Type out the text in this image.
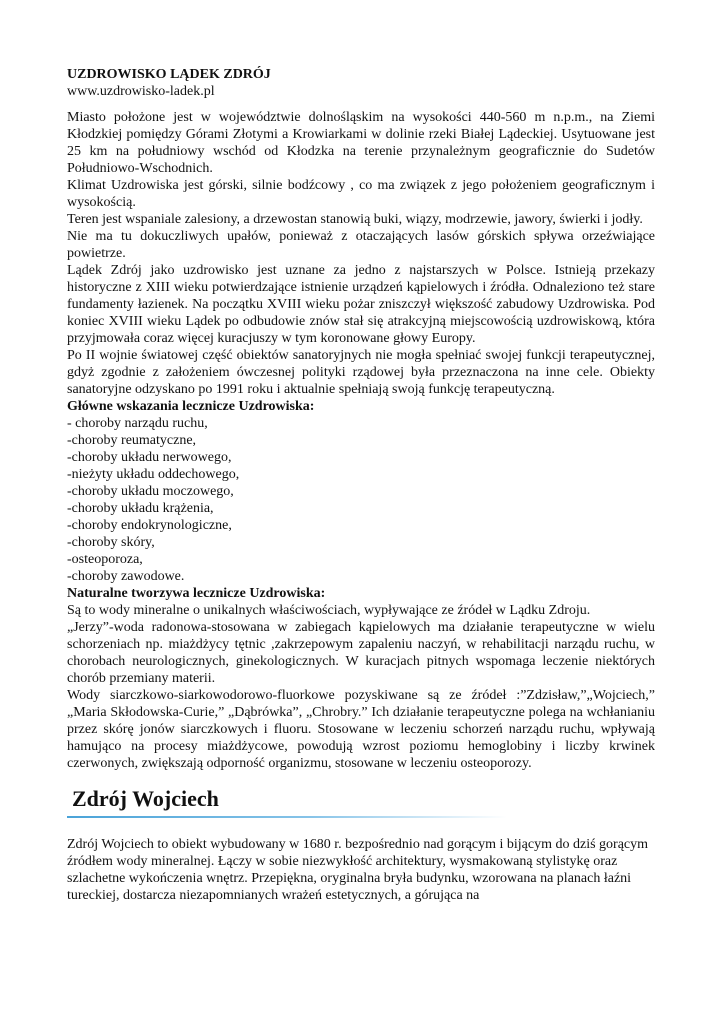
UZDROWISKO LĄDEK ZDRÓJ

www.uzdrowisko-ladek.pl

Miasto położone jest w województwie dolnośląskim na wysokości 440-560 m n.p.m., na Ziemi Kłodzkiej pomiędzy Górami Złotymi a Krowiarkami w dolinie rzeki Białej Lądeckiej. Usytuowane jest 25 km na południowy wschód od Kłodzka na terenie przynależnym geograficznie do Sudetów Południowo-Wschodnich.

Klimat Uzdrowiska jest górski, silnie bodźcowy , co ma związek z jego położeniem geograficznym i wysokością.

Teren jest wspaniale zalesiony, a drzewostan stanowią buki, wiązy, modrzewie, jawory, świerki i jodły.

Nie ma tu dokuczliwych upałów, ponieważ z otaczających lasów górskich spływa orzeźwiające powietrze.

Lądek Zdrój jako uzdrowisko jest uznane za jedno z najstarszych w Polsce. Istnieją przekazy historyczne z XIII wieku potwierdzające istnienie urządzeń kąpielowych i źródła. Odnaleziono też stare fundamenty łazienek. Na początku XVIII wieku pożar zniszczył większość zabudowy Uzdrowiska. Pod koniec XVIII wieku Lądek po odbudowie znów stał się atrakcyjną miejscowością uzdrowiskową, która przyjmowała coraz więcej kuracjuszy w tym koronowane głowy Europy.

Po II wojnie światowej część obiektów sanatoryjnych nie mogła spełniać swojej funkcji terapeutycznej, gdyż zgodnie z założeniem ówczesnej polityki rządowej była przeznaczona na inne cele. Obiekty sanatoryjne odzyskano po 1991 roku i aktualnie spełniają swoją funkcję terapeutyczną.

Główne wskazania lecznicze Uzdrowiska:

- choroby narządu ruchu,
-choroby reumatyczne,
-choroby układu nerwowego,
-nieżyty układu oddechowego,
-choroby układu moczowego,
-choroby układu krążenia,
-choroby endokrynologiczne,
-choroby skóry,
-osteoporoza,
-choroby zawodowe.

Naturalne tworzywa lecznicze Uzdrowiska:

Są to wody mineralne o unikalnych właściwościach, wypływające ze źródeł w Lądku Zdroju.

„Jerzy”-woda radonowa-stosowana w zabiegach kąpielowych ma działanie terapeutyczne w wielu schorzeniach np. miażdżycy tętnic ,zakrzepowym zapaleniu naczyń, w rehabilitacji narządu ruchu, w chorobach neurologicznych, ginekologicznych. W kuracjach pitnych wspomaga leczenie niektórych chorób przemiany materii.

Wody siarczkowo-siarkowodorowo-fluorkowe pozyskiwane są ze źródeł :”Zdzisław,”„Wojciech,” „Maria Skłodowska-Curie,” „Dąbrówka”, „Chrobry.” Ich działanie terapeutyczne polega na wchłanianiu przez skórę jonów siarczkowych i fluoru. Stosowane w leczeniu schorzeń narządu ruchu, wpływają hamująco na procesy miażdżycowe, powodują wzrost poziomu hemoglobiny i liczby krwinek czerwonych, zwiększają odporność organizmu, stosowane w leczeniu osteoporozy.

Zdrój Wojciech

Zdrój Wojciech to obiekt wybudowany w 1680 r. bezpośrednio nad gorącym i bijącym do dziś gorącym źródłem wody mineralnej. Łączy w sobie niezwykłość architektury, wysmakowaną stylistykę oraz szlachetne wykończenia wnętrz. Przepiękna, oryginalna bryła budynku, wzorowana na planach łaźni tureckiej, dostarcza niezapomnianych wrażeń estetycznych, a górująca na
